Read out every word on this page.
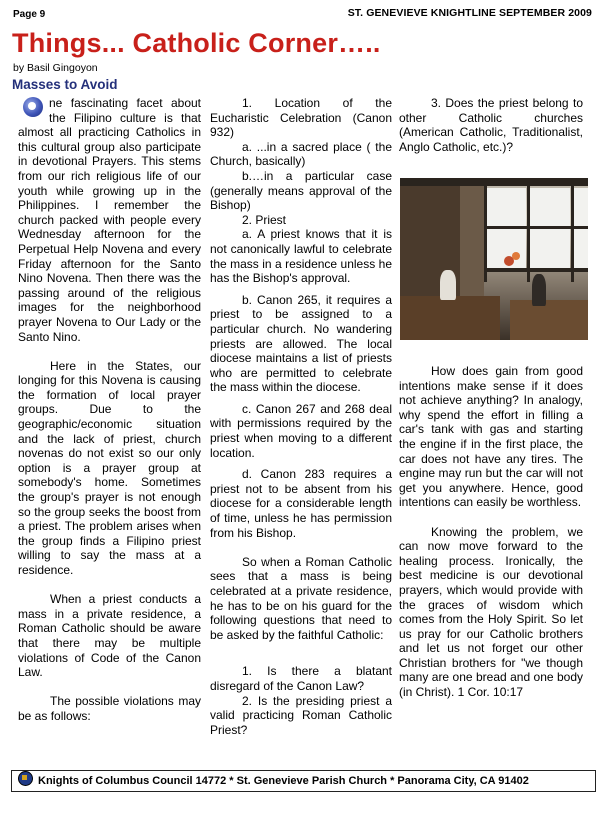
Page 9	ST. GENEVIEVE KNIGHTLINE SEPTEMBER 2009
Things... Catholic Corner…..
by Basil Gingoyon
Masses to Avoid

ne fascinating facet about the Filipino culture is that almost all practicing Catholics in this cultural group also participate in devotional Prayers. This stems from our rich religious life of our youth while growing up in the Philippines. I remember the church packed with people every Wednesday afternoon for the Perpetual Help Novena and every Friday afternoon for the Santo Nino Novena. Then there was the passing around of the religious images for the neighborhood prayer Novena to Our Lady or the Santo Nino.

Here in the States, our longing for this Novena is causing the formation of local prayer groups. Due to the geographic/economic situation and the lack of priest, church novenas do not exist so our only option is a prayer group at somebody's home. Sometimes the group's prayer is not enough so the group seeks the boost from a priest. The problem arises when the group finds a Filipino priest willing to say the mass at a residence.

When a priest conducts a mass in a private residence, a Roman Catholic should be aware that there may be multiple violations of Code of the Canon Law.

The possible violations may be as follows:

1. Location of the Eucharistic Celebration (Canon 932)

a. ...in a sacred place ( the Church, basically)

b.…in a particular case (generally means approval of the Bishop)

2. Priest

a. A priest knows that it is not canonically lawful to celebrate the mass in a residence unless he has the Bishop's approval.

b. Canon 265, it requires a priest to be assigned to a particular church. No wandering priests are allowed. The local diocese maintains a list of priests who are permitted to celebrate the mass within the diocese.

c. Canon 267 and 268 deal with permissions required by the priest when moving to a different location.

d. Canon 283 requires a priest not to be absent from his diocese for a considerable length of time, unless he has permission from his Bishop.

So when a Roman Catholic sees that a mass is being celebrated at a private residence, he has to be on his guard for the following questions that need to be asked by the faithful Catholic:

1. Is there a blatant disregard of the Canon Law?

2. Is the presiding priest a valid practicing Roman Catholic Priest?

3. Does the priest belong to other Catholic churches (American Catholic, Traditionalist, Anglo Catholic, etc.)?

How does gain from good intentions make sense if it does not achieve anything? In analogy, why spend the effort in filling a car's tank with gas and starting the engine if in the first place, the car does not have any tires. The engine may run but the car will not get you anywhere. Hence, good intentions can easily be worthless.

Knowing the problem, we can now move forward to the healing process. Ironically, the best medicine is our devotional prayers, which would provide with the graces of wisdom which comes from the Holy Spirit. So let us pray for our Catholic brothers and let us not forget our other Christian brothers for "we though many are one bread and one body (in Christ). 1 Cor. 10:17

Knights of Columbus Council 14772 * St. Genevieve Parish Church * Panorama City, CA 91402
